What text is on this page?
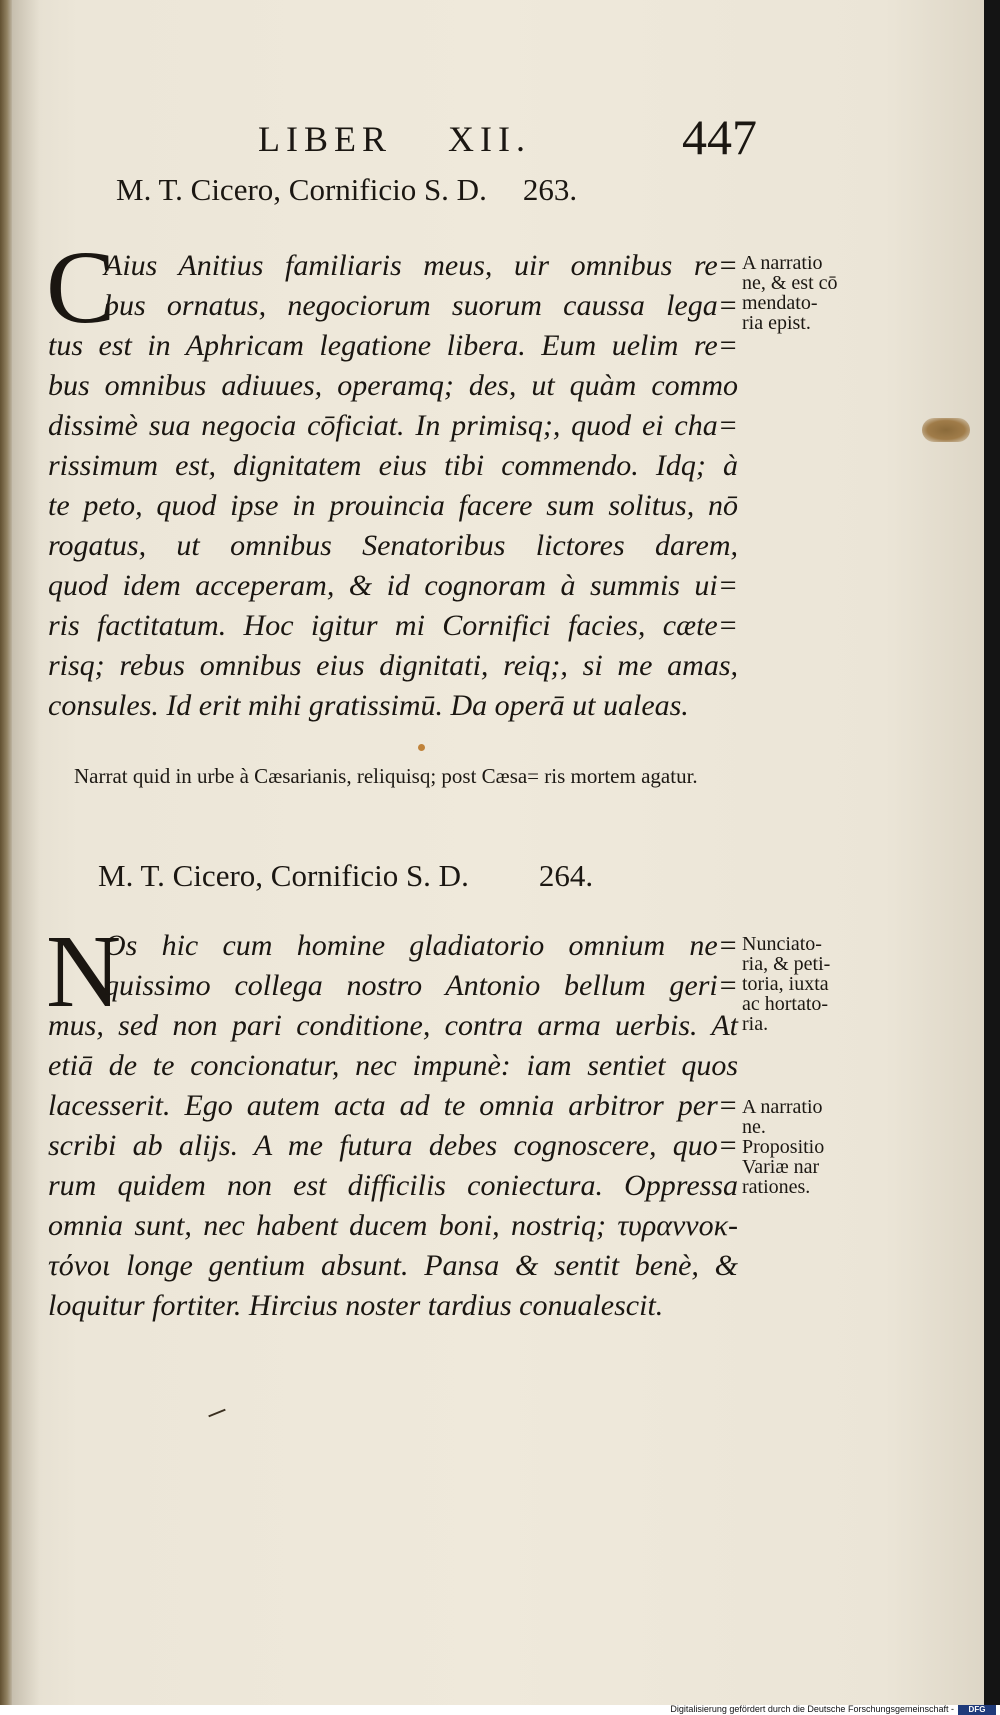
LIBER XII.	447
M. T. Cicero, Cornificio S. D. 263.
C
Aius Anitius familiaris meus, uir omnibus re=
bus ornatus, negociorum suorum caussa lega=
tus est in Aphricam legatione libera. Eum uelim re=
bus omnibus adiuues, operamq; des, ut quàm commo
dissimè sua negocia cōficiat. In primisq;, quod ei cha=
rissimum est, dignitatem eius tibi commendo. Idq; à
te peto, quod ipse in prouincia facere sum solitus, nō
rogatus, ut omnibus Senatoribus lictores darem,
quod idem acceperam, & id cognoram à summis ui=
ris factitatum. Hoc igitur mi Cornifici facies, cæte=
risq; rebus omnibus eius dignitati, reiq;, si me amas,
consules. Id erit mihi gratissimū. Da operā ut ualeas.
A narratio
ne, & est cō
mendato-
ria epist.
Narrat quid in urbe à Cæsarianis, reliquisq; post Cæsa= ris mortem agatur.
M. T. Cicero, Cornificio S. D. 264.
N
Os hic cum homine gladiatorio omnium ne=
quissimo collega nostro Antonio bellum geri=
mus, sed non pari conditione, contra arma uerbis. At
etiā de te concionatur, nec impunè: iam sentiet quos
lacesserit. Ego autem acta ad te omnia arbitror per=
scribi ab alijs. A me futura debes cognoscere, quo=
rum quidem non est difficilis coniectura. Oppressa
omnia sunt, nec habent ducem boni, nostriq; τυραννοκ-
τόνοι longe gentium absunt. Pansa & sentit benè, &
loquitur fortiter. Hircius noster tardius conualescit.
Nunciato-
ria, & peti-
toria, iuxta
ac hortato-
ria.
A narratio
ne.
Propositio
Variæ nar
rationes.
Digitalisierung gefördert durch die Deutsche Forschungsgemeinschaft -	DFG
